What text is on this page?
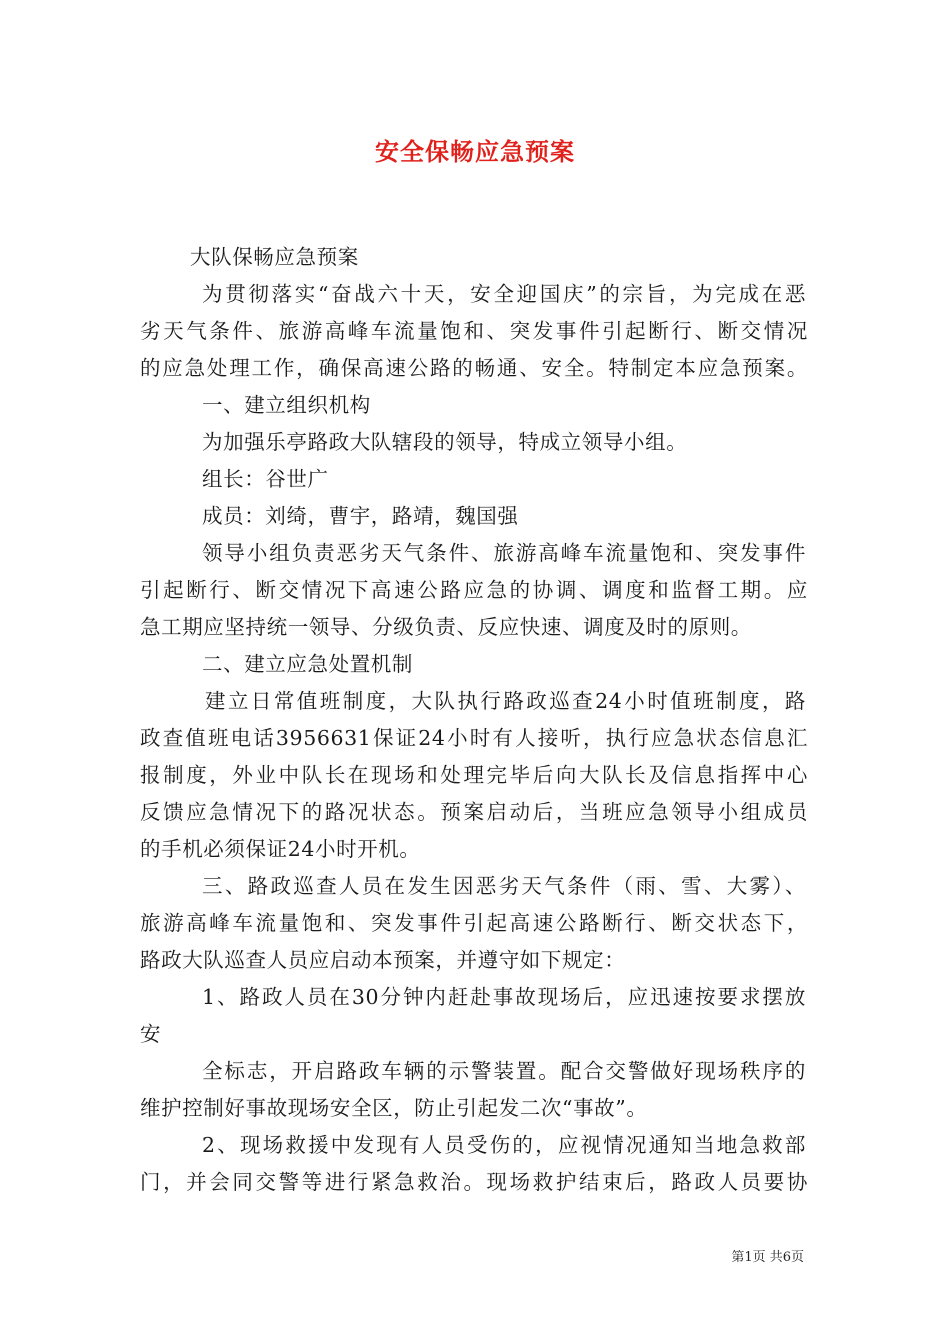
安全保畅应急预案
大队保畅应急预案
为贯彻落实“奋战六十天，安全迎国庆”的宗旨，为完成在恶
劣天气条件、旅游高峰车流量饱和、突发事件引起断行、断交情况
的应急处理工作，确保高速公路的畅通、安全。特制定本应急预案。
一、建立组织机构
为加强乐亭路政大队辖段的领导，特成立领导小组。
组长：谷世广
成员：刘绮，曹宇，路靖，魏国强
领导小组负责恶劣天气条件、旅游高峰车流量饱和、突发事件
引起断行、断交情况下高速公路应急的协调、调度和监督工期。应
急工期应坚持统一领导、分级负责、反应快速、调度及时的原则。
二、建立应急处置机制
建立日常值班制度，大队执行路政巡查24小时值班制度，路
政查值班电话3956631保证24小时有人接听，执行应急状态信息汇
报制度，外业中队长在现场和处理完毕后向大队长及信息指挥中心
反馈应急情况下的路况状态。预案启动后，当班应急领导小组成员
的手机必须保证24小时开机。
三、路政巡查人员在发生因恶劣天气条件（雨、雪、大雾）、
旅游高峰车流量饱和、突发事件引起高速公路断行、断交状态下，
路政大队巡查人员应启动本预案，并遵守如下规定：
1、路政人员在30分钟内赶赴事故现场后，应迅速按要求摆放
安
全标志，开启路政车辆的示警装置。配合交警做好现场秩序的
维护控制好事故现场安全区，防止引起发二次“事故”。
2、现场救援中发现有人员受伤的，应视情况通知当地急救部
门，并会同交警等进行紧急救治。现场救护结束后，路政人员要协
第1页 共6页
